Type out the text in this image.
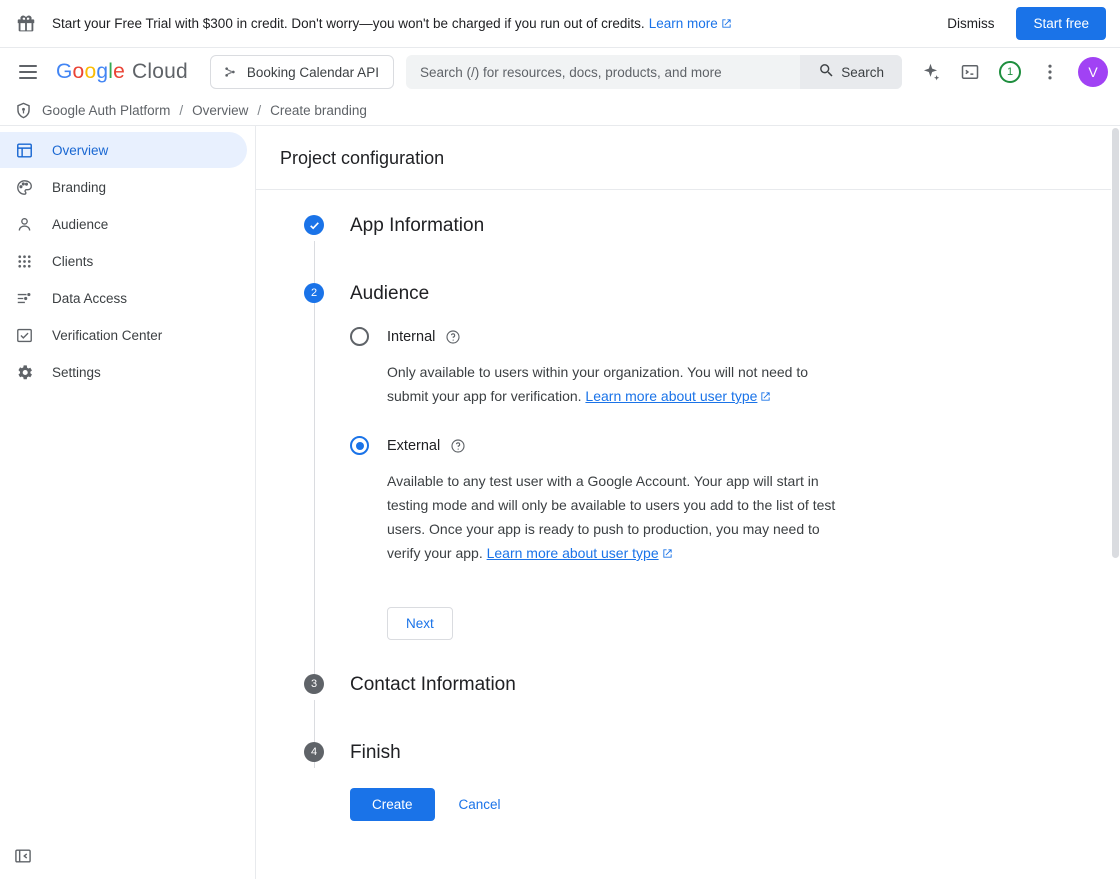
Start your Free Trial with $300 in credit. Don't worry—you won't be charged if you run out of credits. Learn more	Dismiss	Start free
G o o g l e Cloud	Booking Calendar API
Search (/) for resources, docs, products, and more	Search	1	V
Google Auth Platform / Overview / Create branding
Overview
Branding
Audience
Clients
Data Access
Verification Center
Settings
Project configuration
App Information
2	Audience
Internal
Only available to users within your organization. You will not need to submit your app for verification. Learn more about user type
External
Available to any test user with a Google Account. Your app will start in testing mode and will only be available to users you add to the list of test users. Once your app is ready to push to production, you may need to verify your app. Learn more about user type
Next
3	Contact Information
4	Finish
Create	Cancel
